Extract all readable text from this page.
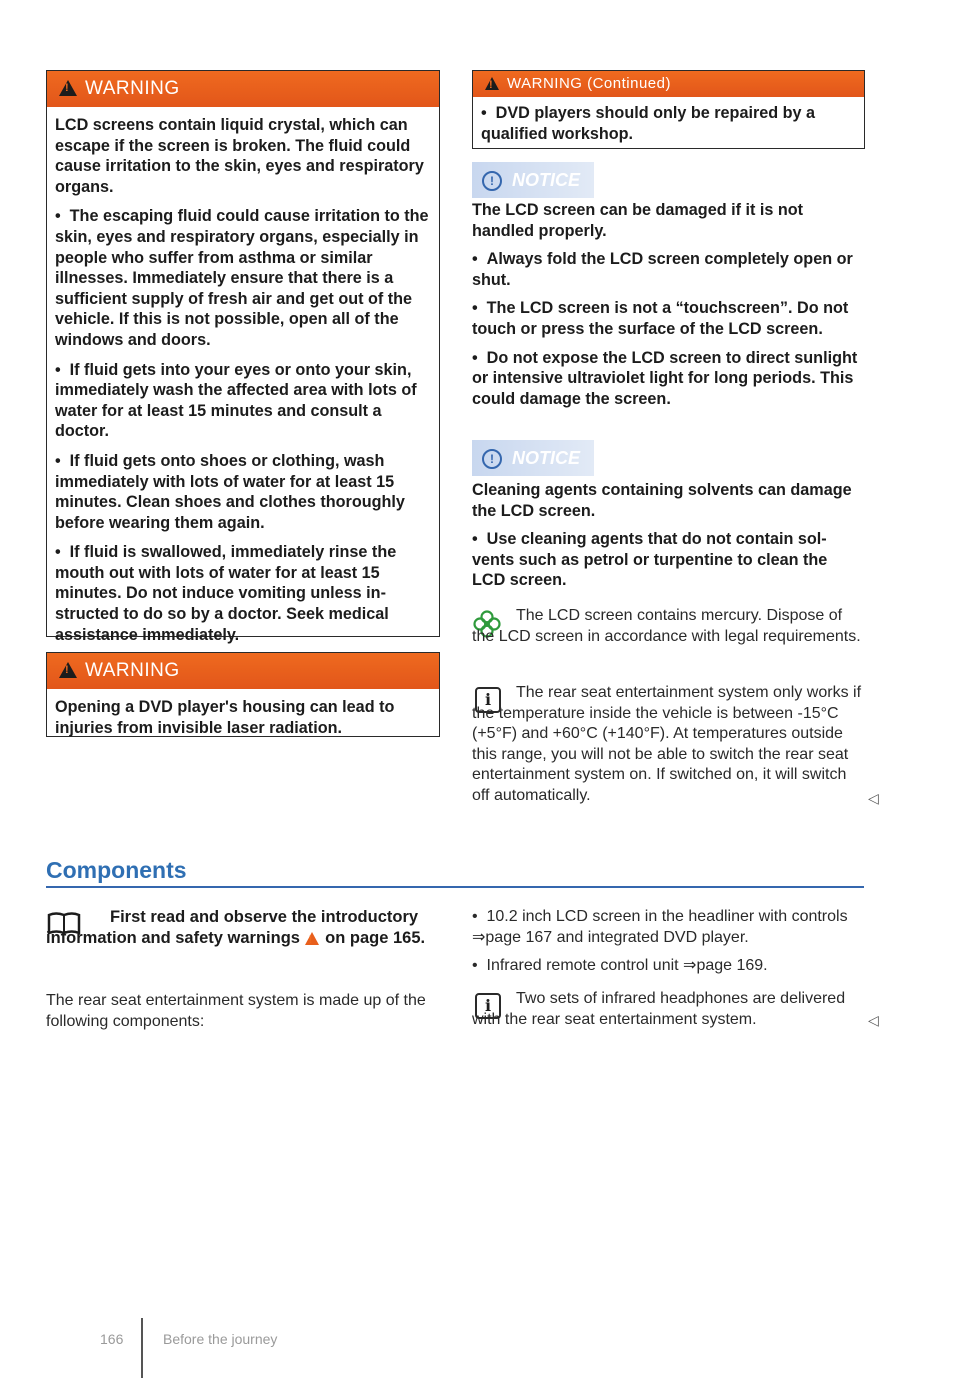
!WARNING

LCD screens contain liquid crystal, which can escape if the screen is broken. The fluid could cause irritation to the skin, eyes and respiratory organs.

•  The escaping fluid could cause irritation to the skin, eyes and respiratory organs, especially in people who suffer from asthma or similar illnesses. Immediately ensure that there is a sufficient supply of fresh air and get out of the vehicle. If this is not possible, open all of the windows and doors.

•  If fluid gets into your eyes or onto your skin, immediately wash the affected area with lots of water for at least 15 minutes and consult a doctor.

•  If fluid gets onto shoes or clothing, wash immediately with lots of water for at least 15 minutes. Clean shoes and clothes thoroughly before wearing them again.

•  If fluid is swallowed, immediately rinse the mouth out with lots of water for at least 15 minutes. Do not induce vomiting unless instructed to do so by a doctor. Seek medical assistance immediately.

!WARNING

Opening a DVD player's housing can lead to injuries from invisible laser radiation.

!WARNING (Continued)

•  DVD players should only be repaired by a qualified workshop.

! NOTICE

The LCD screen can be damaged if it is not handled properly.

•  Always fold the LCD screen completely open or shut.

•  The LCD screen is not a “touchscreen”. Do not touch or press the surface of the LCD screen.

•  Do not expose the LCD screen to direct sunlight or intensive ultraviolet light for long periods. This could damage the screen.

! NOTICE

Cleaning agents containing solvents can damage the LCD screen.

•  Use cleaning agents that do not contain solvents such as petrol or turpentine to clean the LCD screen.

The LCD screen contains mercury. Dispose of the LCD screen in accordance with legal requirements.
i	The rear seat entertainment system only works if the temperature inside the vehicle is between -15°C (+5°F) and +60°C (+140°F). At temperatures outside this range, you will not be able to switch the rear seat entertainment system on. If switched on, it will switch off automatically.	◁
Components
First read and observe the introductory information and safety warnings ! on page 165.
The rear seat entertainment system is made up of the following components:

•  10.2 inch LCD screen in the headliner with controls ⇒page 167 and integrated DVD player.

•  Infrared remote control unit ⇒page 169.

i	Two sets of infrared headphones are delivered with the rear seat entertainment system.	◁
166	Before the journey
